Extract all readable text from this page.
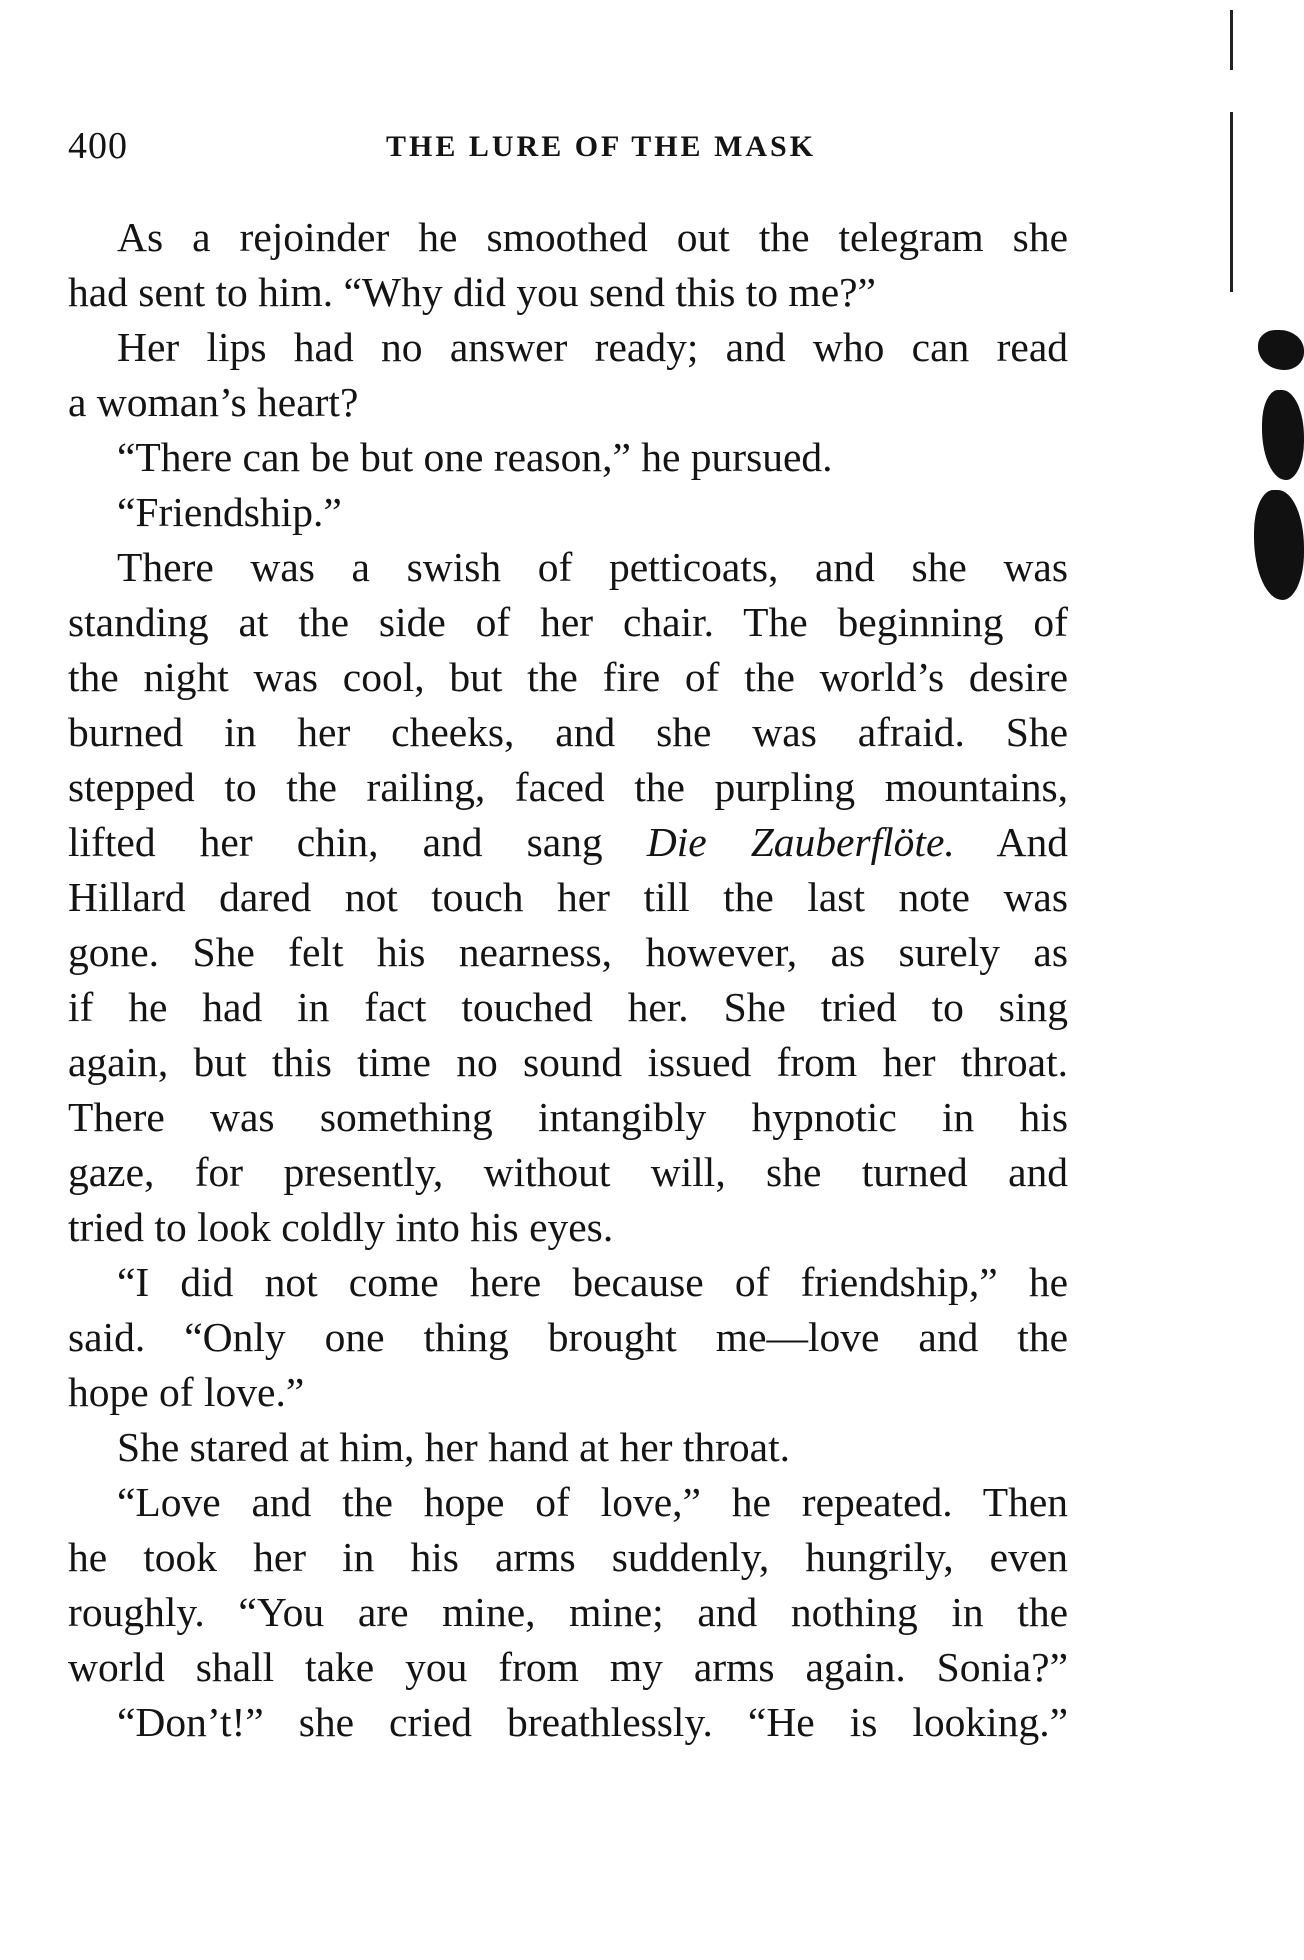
400	THE LURE OF THE MASK
As a rejoinder he smoothed out the telegram she
had sent to him. “Why did you send this to me?”
Her lips had no answer ready; and who can read
a woman’s heart?
“There can be but one reason,” he pursued.
“Friendship.”
There was a swish of petticoats, and she was
standing at the side of her chair. The beginning of
the night was cool, but the fire of the world’s desire
burned in her cheeks, and she was afraid. She
stepped to the railing, faced the purpling mountains,
lifted her chin, and sang Die Zauberflöte. And
Hillard dared not touch her till the last note was
gone. She felt his nearness, however, as surely as
if he had in fact touched her. She tried to sing
again, but this time no sound issued from her throat.
There was something intangibly hypnotic in his
gaze, for presently, without will, she turned and
tried to look coldly into his eyes.
“I did not come here because of friendship,” he
said. “Only one thing brought me—love and the
hope of love.”
She stared at him, her hand at her throat.
“Love and the hope of love,” he repeated. Then
he took her in his arms suddenly, hungrily, even
roughly. “You are mine, mine; and nothing in the
world shall take you from my arms again. Sonia?”
“Don’t!” she cried breathlessly. “He is looking.”
